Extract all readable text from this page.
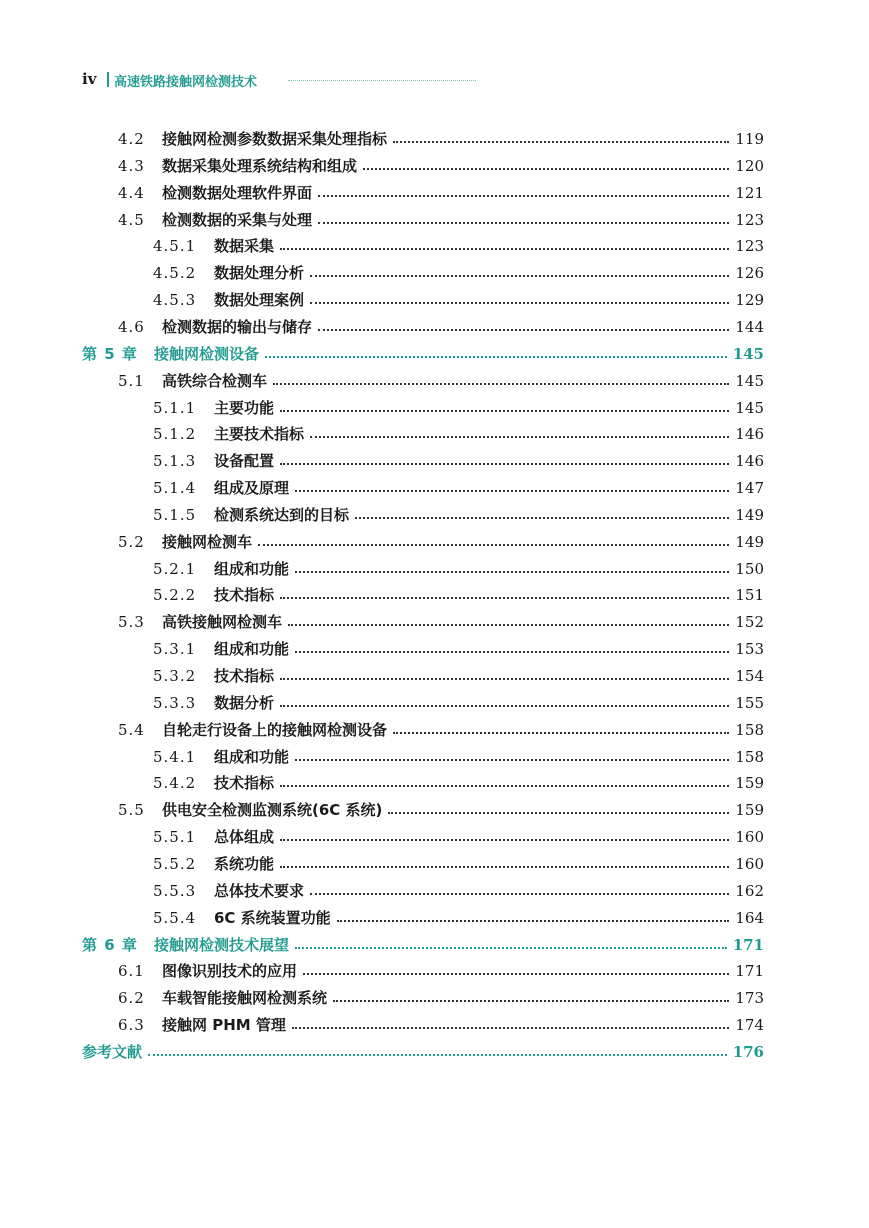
iv 高速铁路接触网检测技术
4.2	接触网检测参数数据采集处理指标	119
4.3	数据采集处理系统结构和组成	120
4.4	检测数据处理软件界面	121
4.5	检测数据的采集与处理	123
4.5.1	数据采集	123
4.5.2	数据处理分析	126
4.5.3	数据处理案例	129
4.6	检测数据的输出与储存	144
第 5 章	接触网检测设备	145
5.1	高铁综合检测车	145
5.1.1	主要功能	145
5.1.2	主要技术指标	146
5.1.3	设备配置	146
5.1.4	组成及原理	147
5.1.5	检测系统达到的目标	149
5.2	接触网检测车	149
5.2.1	组成和功能	150
5.2.2	技术指标	151
5.3	高铁接触网检测车	152
5.3.1	组成和功能	153
5.3.2	技术指标	154
5.3.3	数据分析	155
5.4	自轮走行设备上的接触网检测设备	158
5.4.1	组成和功能	158
5.4.2	技术指标	159
5.5	供电安全检测监测系统(6C 系统)	159
5.5.1	总体组成	160
5.5.2	系统功能	160
5.5.3	总体技术要求	162
5.5.4	6C 系统装置功能	164
第 6 章	接触网检测技术展望	171
6.1	图像识别技术的应用	171
6.2	车载智能接触网检测系统	173
6.3	接触网 PHM 管理	174
参考文献	176
